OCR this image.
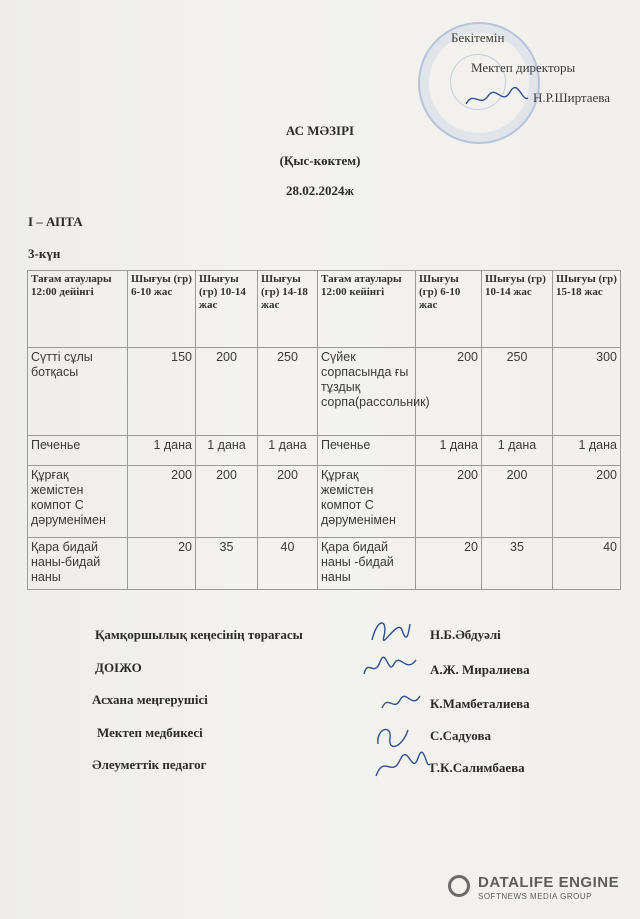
Бекітемін
Мектеп директоры
Н.Р.Ширтаева
АС МӘЗІРІ
(Қыс-көктем)
28.02.2024ж
I – АПТА
3-күн
Тағам атаулары 12:00 дейінгі	Шығуы (гр) 6-10 жас	Шығуы (гр) 10-14 жас	Шығуы (гр) 14-18 жас	Тағам атаулары 12:00 кейінгі	Шығуы (гр) 6-10 жас	Шығуы (гр) 10-14 жас	Шығуы (гр) 15-18 жас
Сүтті сұлы ботқасы	150	200	250	Сүйек сорпасында ғы тұздық сорпа(рассольник)	200	250	300
Печенье	1 дана	1 дана	1 дана	Печенье	1 дана	1 дана	1 дана
Құрғақ жемістен компот С дәруменімен	200	200	200	Құрғақ жемістен компот С дәруменімен	200	200	200
Қара бидай наны-бидай наны	20	35	40	Қара бидай наны -бидай наны	20	35	40
Қамқоршылық кеңесінің төрағасы	Н.Б.Әбдуәлі
ДОІЖО	А.Ж. Миралиева
Асхана меңгерушісі	К.Мамбеталиева
Мектеп медбикесі	С.Садуова
Әлеуметтік педагог	Г.К.Салимбаева
DATALIFE ENGINE
SOFTNEWS MEDIA GROUP
